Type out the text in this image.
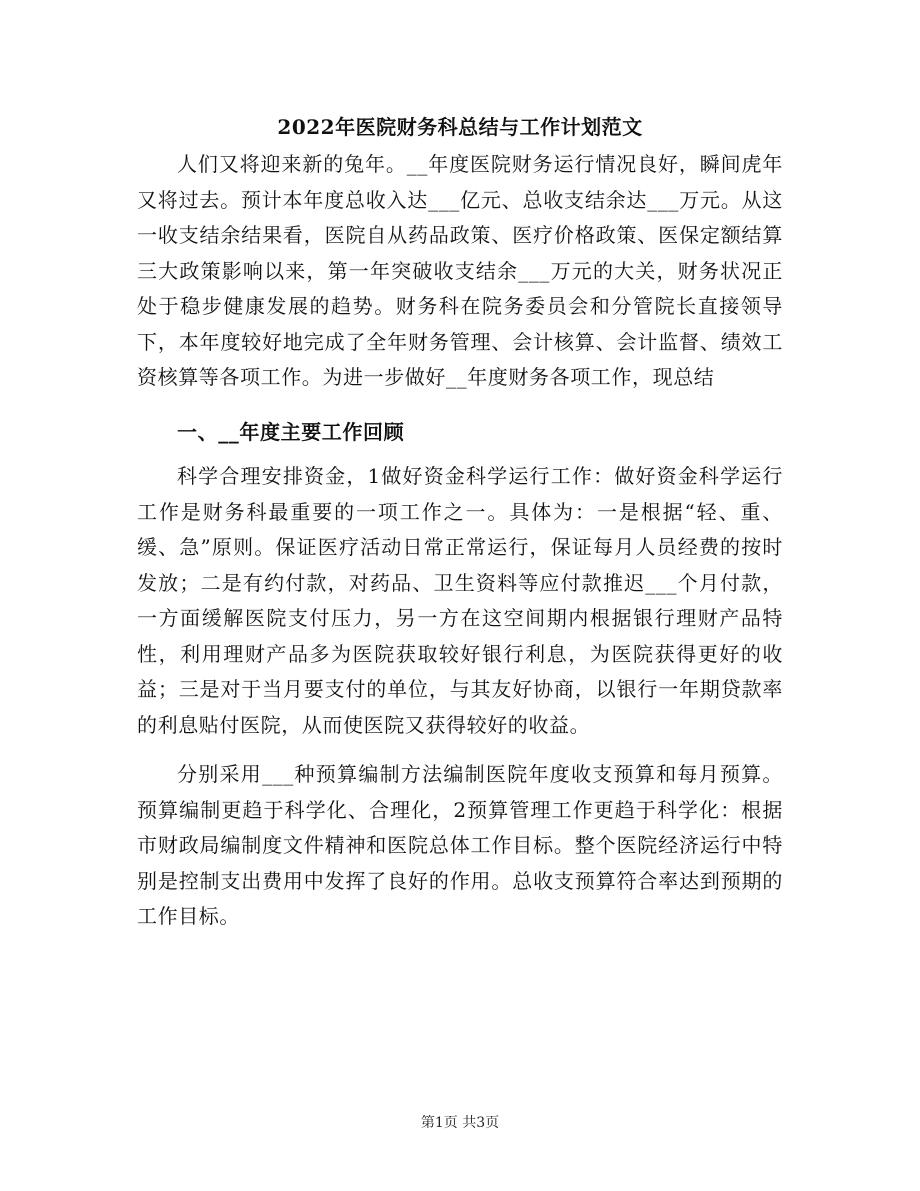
2022年医院财务科总结与工作计划范文

人们又将迎来新的兔年。__年度医院财务运行情况良好，瞬间虎年又将过去。预计本年度总收入达___亿元、总收支结余达___万元。从这一收支结余结果看，医院自从药品政策、医疗价格政策、医保定额结算三大政策影响以来，第一年突破收支结余___万元的大关，财务状况正处于稳步健康发展的趋势。财务科在院务委员会和分管院长直接领导下，本年度较好地完成了全年财务管理、会计核算、会计监督、绩效工资核算等各项工作。为进一步做好__年度财务各项工作，现总结

一、__年度主要工作回顾

科学合理安排资金，1做好资金科学运行工作：做好资金科学运行工作是财务科最重要的一项工作之一。具体为：一是根据“轻、重、缓、急”原则。保证医疗活动日常正常运行，保证每月人员经费的按时发放；二是有约付款，对药品、卫生资料等应付款推迟___个月付款，一方面缓解医院支付压力，另一方在这空间期内根据银行理财产品特性，利用理财产品多为医院获取较好银行利息，为医院获得更好的收益；三是对于当月要支付的单位，与其友好协商，以银行一年期贷款率的利息贴付医院，从而使医院又获得较好的收益。

分别采用___种预算编制方法编制医院年度收支预算和每月预算。预算编制更趋于科学化、合理化，2预算管理工作更趋于科学化：根据市财政局编制度文件精神和医院总体工作目标。整个医院经济运行中特别是控制支出费用中发挥了良好的作用。总收支预算符合率达到预期的工作目标。

第1页 共3页
